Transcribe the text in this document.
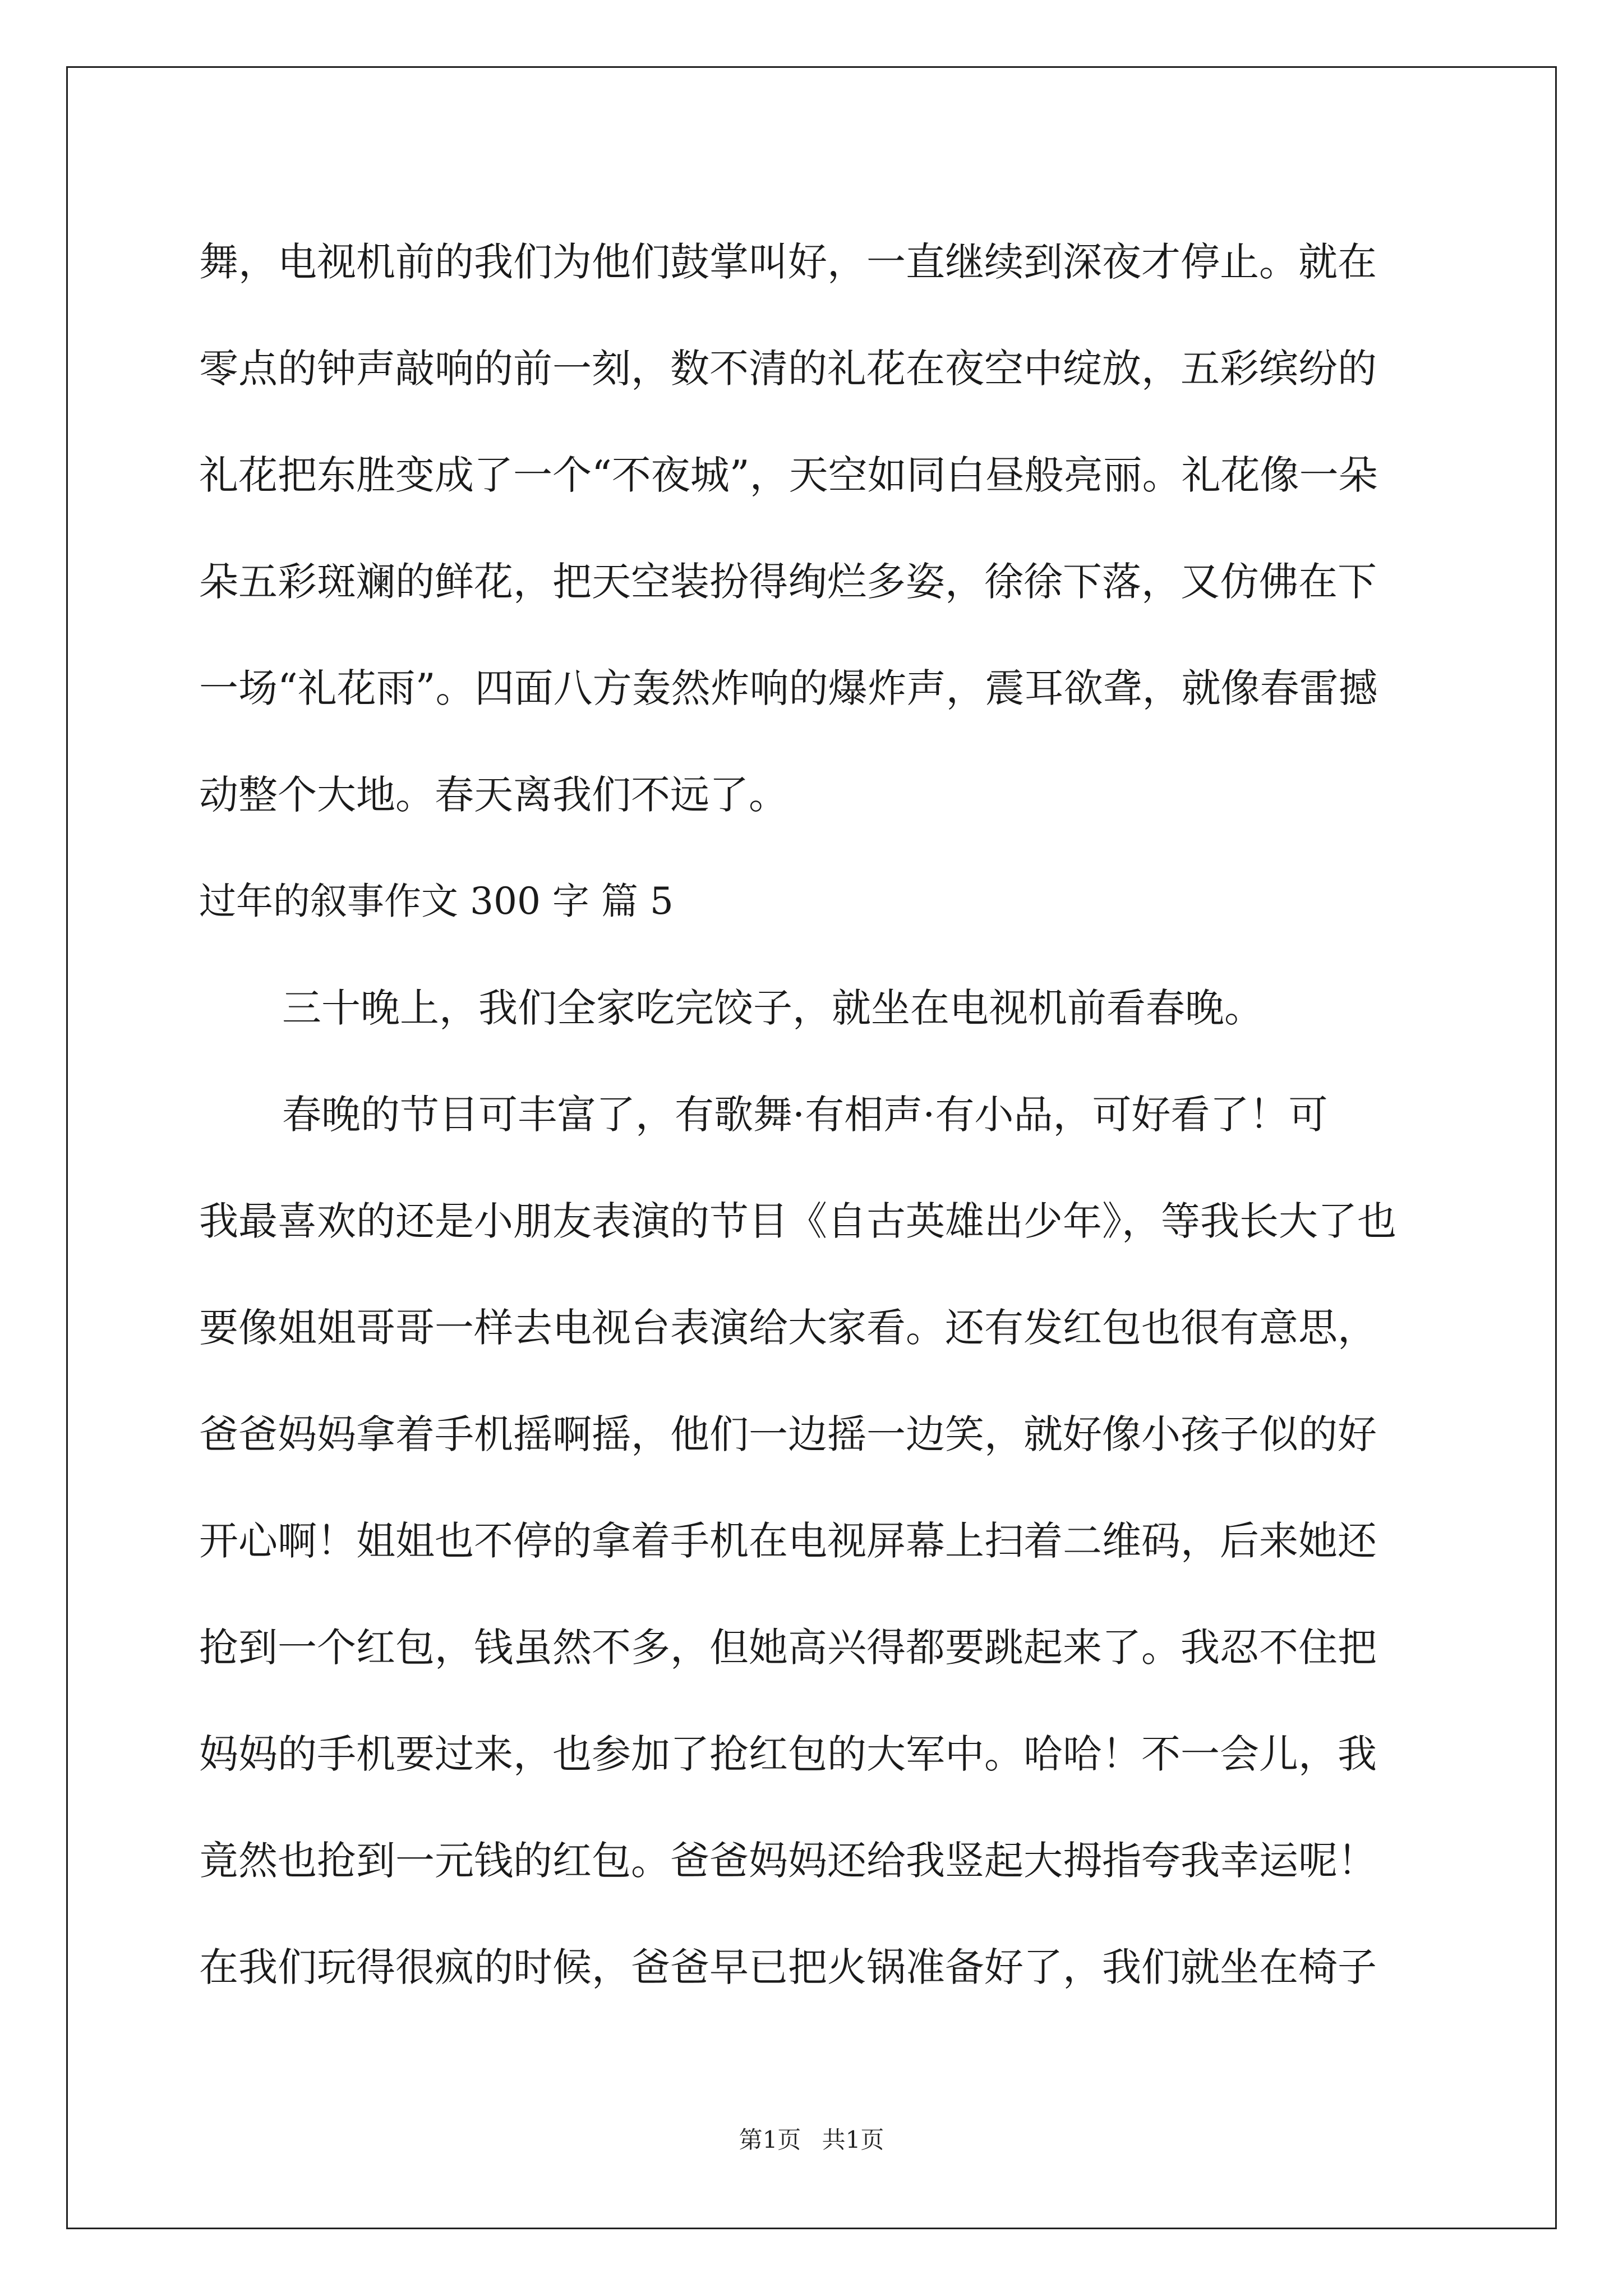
舞，电视机前的我们为他们鼓掌叫好，一直继续到深夜才停止。就在
零点的钟声敲响的前一刻，数不清的礼花在夜空中绽放，五彩缤纷的
礼花把东胜变成了一个“不夜城”，天空如同白昼般亮丽。礼花像一朵
朵五彩斑斓的鲜花，把天空装扮得绚烂多姿，徐徐下落，又仿佛在下
一场“礼花雨”。四面八方轰然炸响的爆炸声，震耳欲聋，就像春雷撼
动整个大地。春天离我们不远了。
过年的叙事作文 300 字 篇 5
三十晚上，我们全家吃完饺子，就坐在电视机前看春晚。
春晚的节目可丰富了，有歌舞·有相声·有小品，可好看了！可
我最喜欢的还是小朋友表演的节目《自古英雄出少年》，等我长大了也
要像姐姐哥哥一样去电视台表演给大家看。还有发红包也很有意思，
爸爸妈妈拿着手机摇啊摇，他们一边摇一边笑，就好像小孩子似的好
开心啊！姐姐也不停的拿着手机在电视屏幕上扫着二维码，后来她还
抢到一个红包，钱虽然不多，但她高兴得都要跳起来了。我忍不住把
妈妈的手机要过来，也参加了抢红包的大军中。哈哈！不一会儿，我
竟然也抢到一元钱的红包。爸爸妈妈还给我竖起大拇指夸我幸运呢！
在我们玩得很疯的时候，爸爸早已把火锅准备好了，我们就坐在椅子
第1页 共1页
